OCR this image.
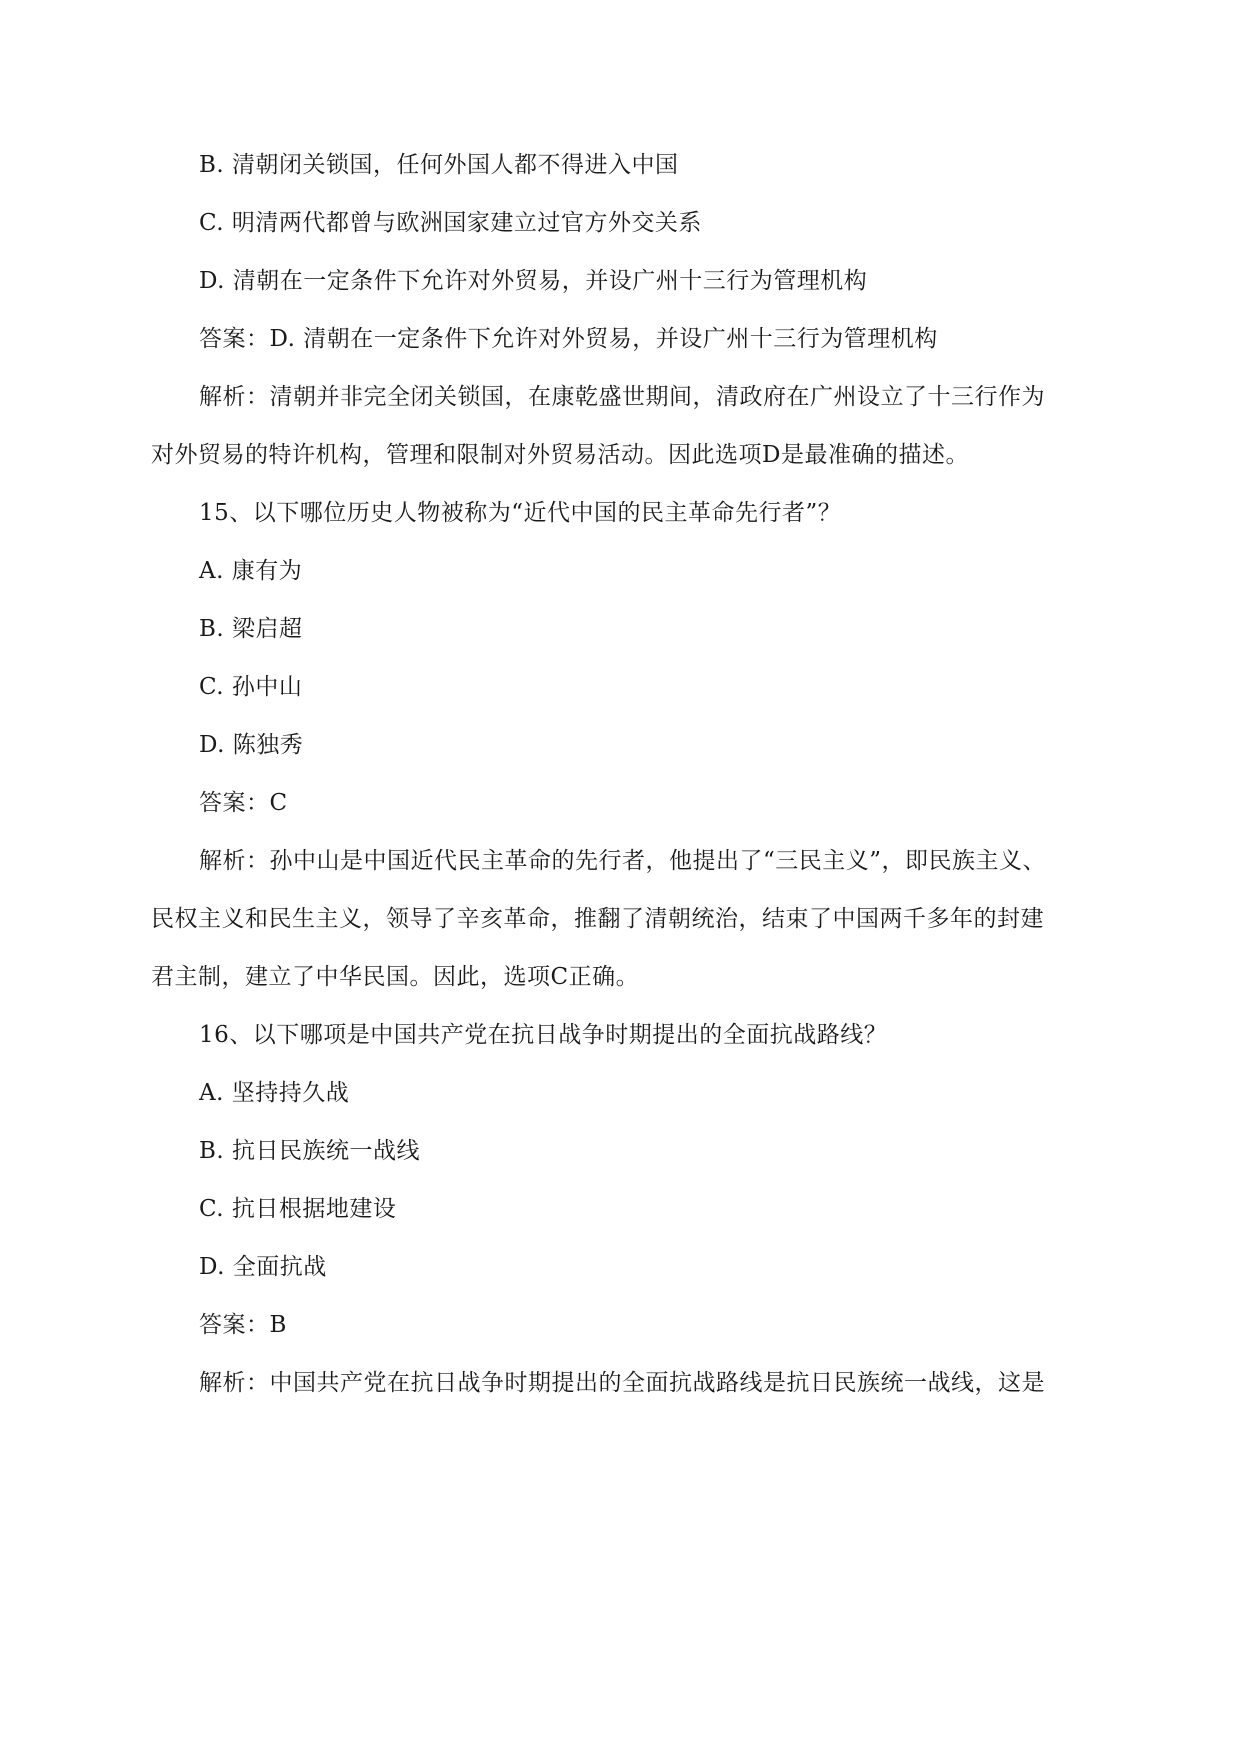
B. 清朝闭关锁国，任何外国人都不得进入中国
C. 明清两代都曾与欧洲国家建立过官方外交关系
D. 清朝在一定条件下允许对外贸易，并设广州十三行为管理机构
答案：D. 清朝在一定条件下允许对外贸易，并设广州十三行为管理机构
解析：清朝并非完全闭关锁国，在康乾盛世期间，清政府在广州设立了十三行作为
对外贸易的特许机构，管理和限制对外贸易活动。因此选项D是最准确的描述。
15、以下哪位历史人物被称为“近代中国的民主革命先行者”？
A. 康有为
B. 梁启超
C. 孙中山
D. 陈独秀
答案：C
解析：孙中山是中国近代民主革命的先行者，他提出了“三民主义”，即民族主义、
民权主义和民生主义，领导了辛亥革命，推翻了清朝统治，结束了中国两千多年的封建
君主制，建立了中华民国。因此，选项C正确。
16、以下哪项是中国共产党在抗日战争时期提出的全面抗战路线？
A. 坚持持久战
B. 抗日民族统一战线
C. 抗日根据地建设
D. 全面抗战
答案：B
解析：中国共产党在抗日战争时期提出的全面抗战路线是抗日民族统一战线，这是
